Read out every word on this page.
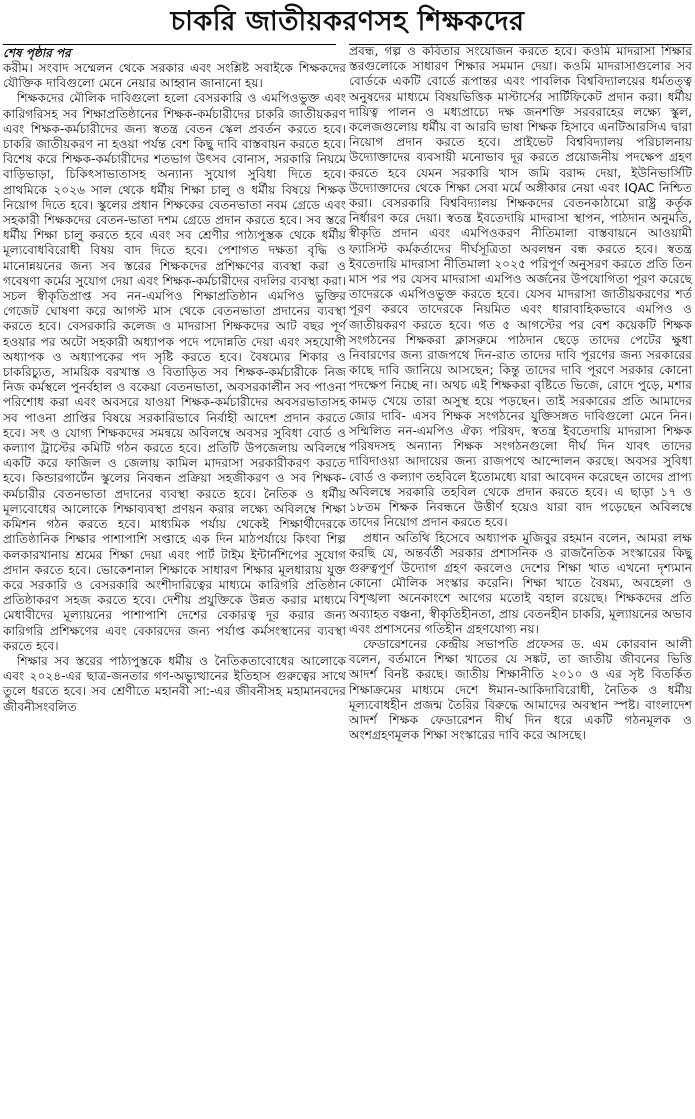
চাকরি জাতীয়করণসহ শিক্ষকদের
শেষ পৃষ্ঠার পর

করীম। সংবাদ সম্মেলন থেকে সরকার এবং সংশ্লিষ্ট সবাইকে শিক্ষকদের যৌক্তিক দাবিগুলো মেনে নেয়ার আহ্বান জানানো হয়।

শিক্ষকদের মৌলিক দাবিগুলো হলো বেসরকারি ও এমপিওভুক্ত এবং কারিগরিসহ সব শিক্ষাপ্রতিষ্ঠানের শিক্ষক-কর্মচারীদের চাকরি জাতীয়করণ এবং শিক্ষক-কর্মচারীদের জন্য স্বতন্ত্র বেতন স্কেল প্রবর্তন করতে হবে। চাকরি জাতীয়করণ না হওয়া পর্যন্ত বেশ কিছু দাবি বাস্তবায়ন করতে হবে। বিশেষ করে শিক্ষক-কর্মচারীদের শতভাগ উৎসব বোনাস, সরকারি নিয়মে বাড়িভাড়া, চিকিৎসাভাতাসহ অন্যান্য সুযোগ সুবিধা দিতে হবে। প্রাথমিকে ২০২৬ সাল থেকে ধর্মীয় শিক্ষা চালু ও ধর্মীয় বিষয়ে শিক্ষক নিয়োগ দিতে হবে। স্কুলের প্রধান শিক্ষকের বেতনভাতা নবম গ্রেডে এবং সহকারী শিক্ষকদের বেতন-ভাতা দশম গ্রেডে প্রদান করতে হবে। সব স্তরে ধর্মীয় শিক্ষা চালু করতে হবে এবং সব শ্রেণীর পাঠ্যপুস্তক থেকে ধর্মীয় মূল্যবোধবিরোধী বিষয় বাদ দিতে হবে। পেশাগত দক্ষতা বৃদ্ধি ও মানোন্নয়নের জন্য সব স্তরের শিক্ষকদের প্রশিক্ষণের ব্যবস্থা করা ও গবেষণা কর্মের সুযোগ দেয়া এবং শিক্ষক-কর্মচারীদের বদলির ব্যবস্থা করা। সচল স্বীকৃতিপ্রাপ্ত সব নন-এমপিও শিক্ষাপ্রতিষ্ঠান এমপিও ভুক্তির গেজেট ঘোষণা করে আগস্ট মাস থেকে বেতনভাতা প্রদানের ব্যবস্থা করতে হবে। বেসরকারি কলেজ ও মাদরাসা শিক্ষকদের আট বছর পূর্ণ হওয়ার পর অটো সহকারী অধ্যাপক পদে পদোন্নতি দেয়া এবং সহযোগী অধ্যাপক ও অধ্যাপকের পদ সৃষ্টি করতে হবে। বৈষম্যের শিকার ও চাকরিচ্যুত, সাময়িক বরখাস্ত ও বিতাড়িত সব শিক্ষক-কর্মচারীকে নিজ নিজ কর্মস্থলে পুনর্বহাল ও বকেয়া বেতনভাতা, অবসরকালীন সব পাওনা পরিশোধ করা এবং অবসরে যাওয়া শিক্ষক-কর্মচারীদের অবসরভাতাসহ সব পাওনা প্রাপ্তির বিষয়ে সরকারিভাবে নির্বাহী আদেশ প্রদান করতে হবে। সৎ ও যোগ্য শিক্ষকদের সমন্বয়ে অবিলম্বে অবসর সুবিধা বোর্ড ও কল্যাণ ট্রাস্টের কমিটি গঠন করতে হবে। প্রতিটি উপজেলায় অবিলম্বে একটি করে ফাজিল ও জেলায় কামিল মাদরাসা সরকারীকরণ করতে হবে। কিন্ডারগার্টেন স্কুলের নিবন্ধন প্রক্রিয়া সহজীকরণ ও সব শিক্ষক-কর্মচারীর বেতনভাতা প্রদানের ব্যবস্থা করতে হবে। নৈতিক ও ধর্মীয় মূল্যবোধের আলোকে শিক্ষাব্যবস্থা প্রণয়ন করার লক্ষ্যে অবিলম্বে শিক্ষা কমিশন গঠন করতে হবে। মাধ্যমিক পর্যায় থেকেই শিক্ষার্থীদেরকে প্রাতিষ্ঠানিক শিক্ষার পাশাপাশি সপ্তাহে এক দিন মাঠপর্যায়ে কিংবা শিল্প কলকারখানায় শ্রমের শিক্ষা দেয়া এবং পার্ট টাইম ইন্টার্নশিপের সুযোগ প্রদান করতে হবে। ভোকেশনাল শিক্ষাকে সাধারণ শিক্ষার মূলধারায় যুক্ত করে সরকারি ও বেসরকারি অংশীদারিত্বের মাধ্যমে কারিগরি প্রতিষ্ঠান প্রতিষ্ঠাকরণ সহজ করতে হবে। দেশীয় প্রযুক্তিকে উন্নত করার মাধ্যমে মেধাবীদের মূল্যায়নের পাশাপাশি দেশের বেকারত্ব দূর করার জন্য কারিগরি প্রশিক্ষণের এবং বেকারদের জন্য পর্যাপ্ত কর্মসংস্থানের ব্যবস্থা করতে হবে।

শিক্ষার সব স্তরের পাঠ্যপুস্তকে ধর্মীয় ও নৈতিকতাবোধের আলোকে এবং ২০২৪-এর ছাত্র-জনতার গণ-অভ্যুত্থানের ইতিহাস গুরুত্বের সাথে তুলে ধরতে হবে। সব শ্রেণীতে মহানবী সা:-এর জীবনীসহ মহামানবদের জীবনীসংবলিত

প্রবন্ধ, গল্প ও কবিতার সংযোজন করতে হবে। কওমি মাদরাসা শিক্ষার স্তরগুলোকে সাধারণ শিক্ষার সমমান দেয়া। কওমি মাদরাসাগুলোর সব বোর্ডকে একটি বোর্ডে রূপান্তর এবং পাবলিক বিশ্ববিদ্যালয়ের ধর্মতত্ত্ব অনুষদের মাধ্যমে বিষয়ভিত্তিক মাস্টার্সের সার্টিফিকেট প্রদান করা। ধর্মীয় দায়িত্ব পালন ও মধ্যপ্রাচ্যে দক্ষ জনশক্তি সরবরাহের লক্ষ্যে স্কুল, কলেজগুলোয় ধর্মীয় বা আরবি ভাষা শিক্ষক হিসাবে এনটিআরসিএ দ্বারা নিয়োগ প্রদান করতে হবে। প্রাইভেট বিশ্ববিদ্যালয় পরিচালনায় উদ্যোক্তাদের ব্যবসায়ী মনোভাব দূর করতে প্রয়োজনীয় পদক্ষেপ গ্রহণ করতে হবে যেমন সরকারি খাস জমি বরাদ্দ দেয়া, ইউনিভার্সিটি উদ্যোক্তাদের থেকে শিক্ষা সেবা মর্মে অঙ্গীকার নেয়া এবং IQAC নিশ্চিত করা। বেসরকারি বিশ্ববিদ্যালয় শিক্ষকদের বেতনকাঠামো রাষ্ট্র কর্তৃক নির্ধারণ করে দেয়া। স্বতন্ত্র ইবতেদায়ি মাদরাসা স্থাপন, পাঠদান অনুমতি, স্বীকৃতি প্রদান এবং এমপিওকরণ নীতিমালা বাস্তবায়নে আওয়ামী ফ্যাসিস্ট কর্মকর্তাদের দীর্ঘসূত্রিতা অবলম্বন বন্ধ করতে হবে। স্বতন্ত্র ইবতেদায়ি মাদরাসা নীতিমালা ২০২৫ পরিপূর্ণ অনুসরণ করতে প্রতি তিন মাস পর পর যেসব মাদরাসা এমপিও অর্জনের উপযোগিতা পূরণ করেছে তাদেরকে এমপিওভুক্ত করতে হবে। যেসব মাদরাসা জাতীয়করণের শর্ত পূরণ করবে তাদেরকে নিয়মিত এবং ধারাবাহিকভাবে এমপিও ও জাতীয়করণ করতে হবে। গত ৫ আগস্টের পর বেশ কয়েকটি শিক্ষক সংগঠনের শিক্ষকরা ক্লাসরুমে পাঠদান ছেড়ে তাদের পেটের ক্ষুধা নিবারণের জন্য রাজপথে দিন-রাত তাদের দাবি পূরণের জন্য সরকারের কাছে দাবি জানিয়ে আসছেন; কিন্তু তাদের দাবি পূরণে সরকার কোনো পদক্ষেপ নিচ্ছে না। অথচ এই শিক্ষকরা বৃষ্টিতে ভিজে, রোদে পুড়ে, মশার কামড় খেয়ে তারা অসুস্থ হয়ে পড়ছেন। তাই সরকারের প্রতি আমাদের জোর দাবি- এসব শিক্ষক সংগঠনের যুক্তিসঙ্গত দাবিগুলো মেনে নিন। সম্মিলিত নন-এমপিও ঐক্য পরিষদ, স্বতন্ত্র ইবতেদায়ি মাদরাসা শিক্ষক পরিষদসহ অন্যান্য শিক্ষক সংগঠনগুলো দীর্ঘ দিন যাবৎ তাদের দাবিদাওয়া আদায়ের জন্য রাজপথে আন্দোলন করছে। অবসর সুবিধা বোর্ড ও কল্যাণ তহবিলে ইতোমধ্যে যারা আবেদন করেছেন তাদের প্রাপ্য অবিলম্বে সরকারি তহবিল থেকে প্রদান করতে হবে। এ ছাড়া ১৭ ও ১৮তম শিক্ষক নিবন্ধনে উত্তীর্ণ হয়েও যারা বাদ পড়েছেন অবিলম্বে তাদের নিয়োগ প্রদান করতে হবে।

প্রধান অতিথি হিসেবে অধ্যাপক মুজিবুর রহমান বলেন, আমরা লক্ষ করছি যে, অন্তর্বর্তী সরকার প্রশাসনিক ও রাজনৈতিক সংস্কারের কিছু গুরুত্বপূর্ণ উদ্যোগ গ্রহণ করলেও দেশের শিক্ষা খাত এখনো দৃশ্যমান কোনো মৌলিক সংস্কার করেনি। শিক্ষা খাতে বৈষম্য, অবহেলা ও বিশৃঙ্খলা অনেকাংশে আগের মতোই বহাল রয়েছে। শিক্ষকদের প্রতি অব্যাহত বঞ্চনা, স্বীকৃতিহীনতা, প্রায় বেতনহীন চাকরি, মূল্যায়নের অভাব এবং প্রশাসনের গতিহীন গ্রহণযোগ্য নয়।

ফেডারেশনের কেন্দ্রীয় সভাপতি প্রফেসর ড. এম কোরবান আলী বলেন, বর্তমানে শিক্ষা খাতের যে সঙ্কট, তা জাতীয় জীবনের ভিত্তি আদর্শ বিনষ্ট করছে। জাতীয় শিক্ষানীতি ২০১০ ও এর সৃষ্ট বিতর্কিত শিক্ষাক্রমের মাধ্যমে দেশে ঈমান-আকিদাবিরোধী, নৈতিক ও ধর্মীয় মূল্যবোধহীন প্রজন্ম তৈরির বিরুদ্ধে আমাদের অবস্থান স্পষ্ট। বাংলাদেশ আদর্শ শিক্ষক ফেডারেশন দীর্ঘ দিন ধরে একটি গঠনমূলক ও অংশগ্রহণমূলক শিক্ষা সংস্কারের দাবি করে আসছে।
